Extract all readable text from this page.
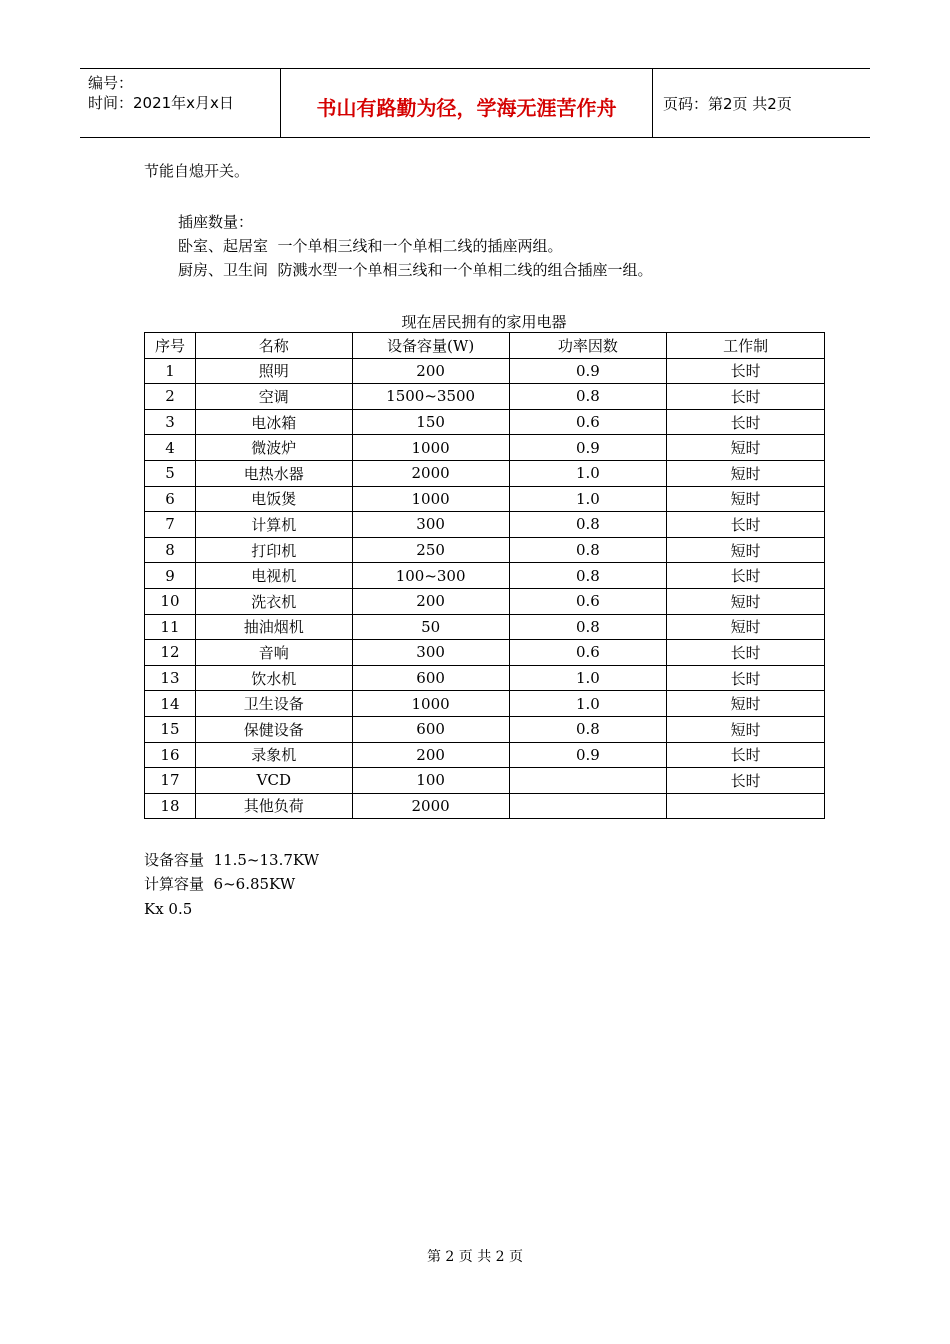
编号：
时间：2021年x月x日	书山有路勤为径，学海无涯苦作舟	页码：第2页 共2页
节能自熄开关。
插座数量：
卧室、起居室  一个单相三线和一个单相二线的插座两组。
厨房、卫生间  防溅水型一个单相三线和一个单相二线的组合插座一组。
现在居民拥有的家用电器
序号	名称	设备容量(W)	功率因数	工作制
1	照明	200	0.9	长时
2	空调	1500~3500	0.8	长时
3	电冰箱	150	0.6	长时
4	微波炉	1000	0.9	短时
5	电热水器	2000	1.0	短时
6	电饭煲	1000	1.0	短时
7	计算机	300	0.8	长时
8	打印机	250	0.8	短时
9	电视机	100~300	0.8	长时
10	洗衣机	200	0.6	短时
11	抽油烟机	50	0.8	短时
12	音响	300	0.6	长时
13	饮水机	600	1.0	长时
14	卫生设备	1000	1.0	短时
15	保健设备	600	0.8	短时
16	录象机	200	0.9	长时
17	VCD	100		长时
18	其他负荷	2000		
设备容量  11.5~13.7KW
计算容量  6~6.85KW
Kx 0.5
第 2 页 共 2 页
